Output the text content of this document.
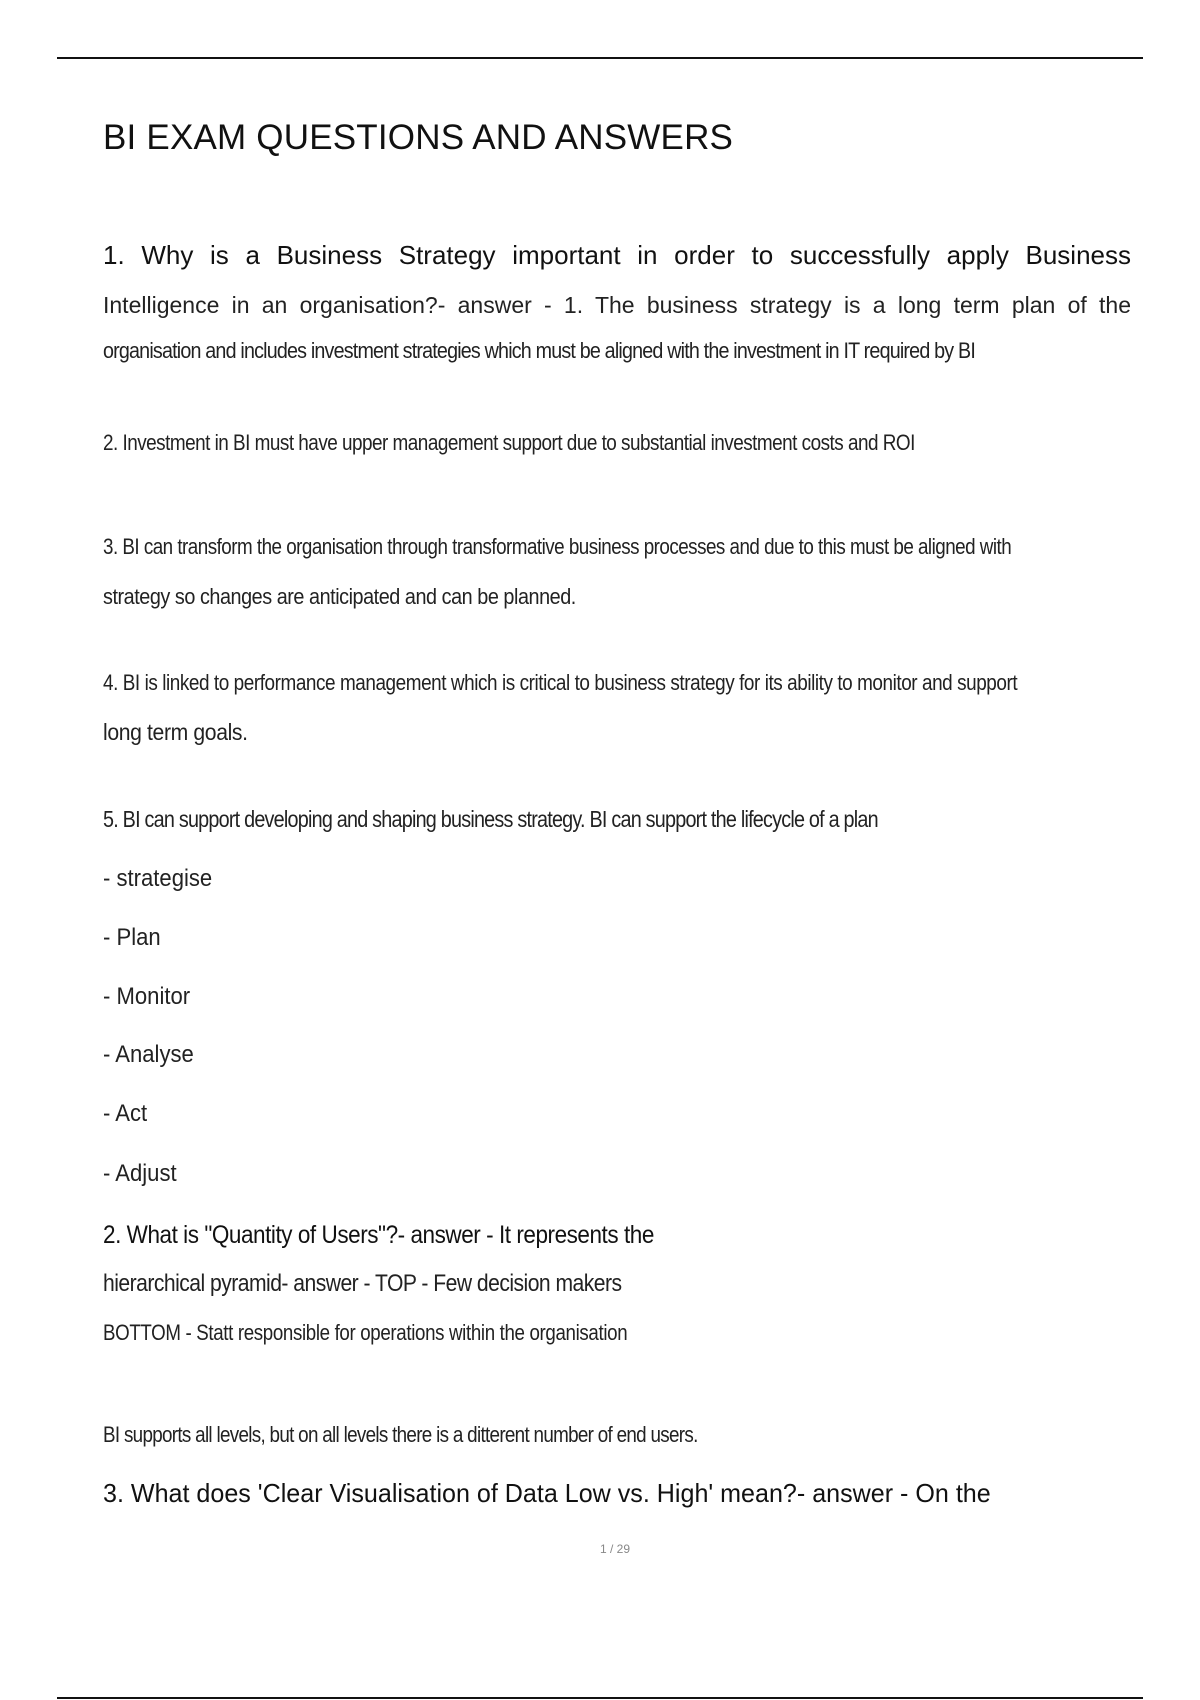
BI EXAM QUESTIONS AND ANSWERS
1. Why is a Business Strategy important in order to successfully apply Business
Intelligence in an organisation?- answer - 1. The business strategy is a long term plan of the
organisation and includes investment strategies which must be aligned with the investment in IT required by BI
2. Investment in BI must have upper management support due to substantial investment costs and ROI
3. BI can transform the organisation through transformative business processes and due to this must be aligned with
strategy so changes are anticipated and can be planned.
4. BI is linked to performance management which is critical to business strategy for its ability to monitor and support
long term goals.
5. BI can support developing and shaping business strategy. BI can support the lifecycle of a plan
- strategise
- Plan
- Monitor
- Analyse
- Act
- Adjust
2. What is "Quantity of Users"?- answer - It represents the
hierarchical pyramid- answer - TOP - Few decision makers
BOTTOM - Statt responsible for operations within the organisation
BI supports all levels, but on all levels there is a ditterent number of end users.
3. What does 'Clear Visualisation of Data Low vs. High' mean?- answer - On the
1 / 29
